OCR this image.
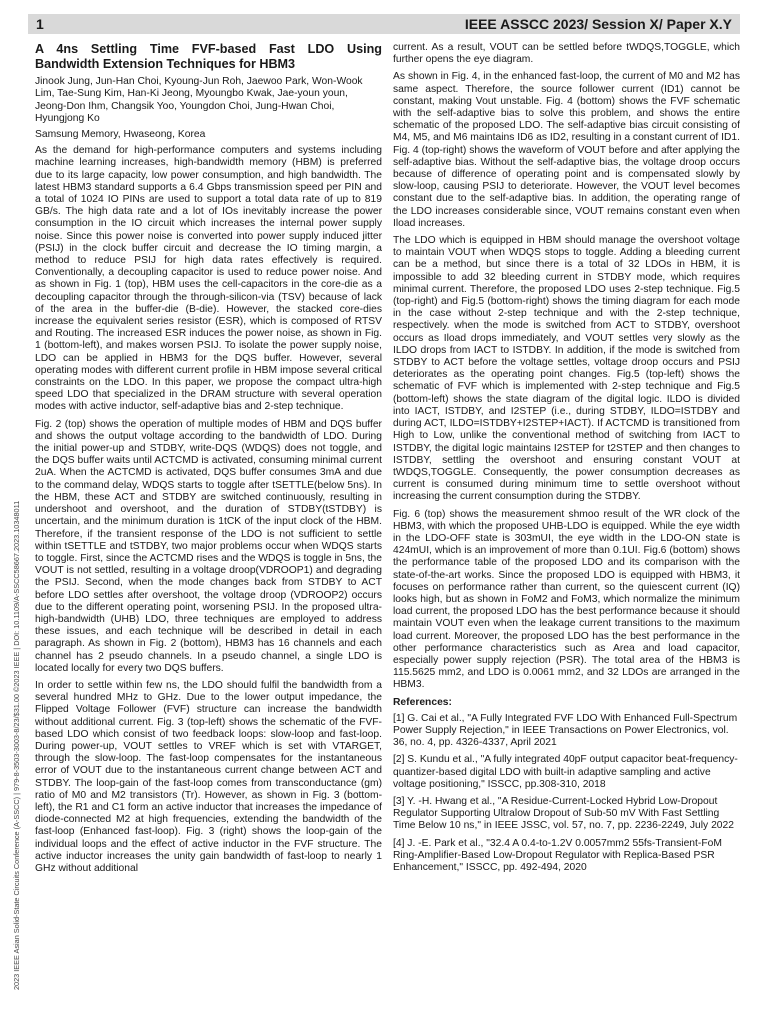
1	IEEE ASSCC 2023/ Session X/ Paper X.Y
2023 IEEE Asian Solid-State Circuits Conference (A-SSCC) | 979-8-3503-3003-8/23/$31.00 ©2023 IEEE | DOI: 10.1109/A-SSCC58667.2023.10348011

A 4ns Settling Time FVF-based Fast LDO Using Bandwidth Extension Techniques for HBM3

Jinook Jung, Jun-Han Choi, Kyoung-Jun Roh, Jaewoo Park, Won-Wook Lim, Tae-Sung Kim, Han-Ki Jeong, Myoungbo Kwak, Jae-youn youn, Jeong-Don Ihm, Changsik Yoo, Youngdon Choi, Jung-Hwan Choi, Hyungjong Ko

Samsung Memory, Hwaseong, Korea

As the demand for high-performance computers and systems including machine learning increases, high-bandwidth memory (HBM) is preferred due to its large capacity, low power consumption, and high bandwidth. The latest HBM3 standard supports a 6.4 Gbps transmission speed per PIN and a total of 1024 IO PINs are used to support a total data rate of up to 819 GB/s. The high data rate and a lot of IOs inevitably increase the power consumption in the IO circuit which increases the internal power supply noise. Since this power noise is converted into power supply induced jitter (PSIJ) in the clock buffer circuit and decrease the IO timing margin, a method to reduce PSIJ for high data rates effectively is required. Conventionally, a decoupling capacitor is used to reduce power noise. And as shown in Fig. 1 (top), HBM uses the cell-capacitors in the core-die as a decoupling capacitor through the through-silicon-via (TSV) because of lack of the area in the buffer-die (B-die). However, the stacked core-dies increase the equivalent series resistor (ESR), which is composed of RTSV and Routing. The increased ESR induces the power noise, as shown in Fig. 1 (bottom-left), and makes worsen PSIJ. To isolate the power supply noise, LDO can be applied in HBM3 for the DQS buffer. However, several operating modes with different current profile in HBM impose several critical constraints on the LDO. In this paper, we propose the compact ultra-high speed LDO that specialized in the DRAM structure with several operation modes with active inductor, self-adaptive bias and 2-step technique.

Fig. 2 (top) shows the operation of multiple modes of HBM and DQS buffer and shows the output voltage according to the bandwidth of LDO. During the initial power-up and STDBY, write-DQS (WDQS) does not toggle, and the DQS buffer waits until ACTCMD is activated, consuming minimal current 2uA. When the ACTCMD is activated, DQS buffer consumes 3mA and due to the command delay, WDQS starts to toggle after tSETTLE(below 5ns). In the HBM, these ACT and STDBY are switched continuously, resulting in undershoot and overshoot, and the duration of STDBY(tSTDBY) is uncertain, and the minimum duration is 1tCK of the input clock of the HBM. Therefore, if the transient response of the LDO is not sufficient to settle within tSETTLE and tSTDBY, two major problems occur when WDQS starts to toggle. First, since the ACTCMD rises and the WDQS is toggle in 5ns, the VOUT is not settled, resulting in a voltage droop(VDROOP1) and degrading the PSIJ. Second, when the mode changes back from STDBY to ACT before LDO settles after overshoot, the voltage droop (VDROOP2) occurs due to the different operating point, worsening PSIJ. In the proposed ultra-high-bandwidth (UHB) LDO, three techniques are employed to address these issues, and each technique will be described in detail in each paragraph. As shown in Fig. 2 (bottom), HBM3 has 16 channels and each channel has 2 pseudo channels. In a pseudo channel, a single LDO is located locally for every two DQS buffers.

In order to settle within few ns, the LDO should fulfil the bandwidth from a several hundred MHz to GHz. Due to the lower output impedance, the Flipped Voltage Follower (FVF) structure can increase the bandwidth without additional current. Fig. 3 (top-left) shows the schematic of the FVF-based LDO which consist of two feedback loops: slow-loop and fast-loop. During power-up, VOUT settles to VREF which is set with VTARGET, through the slow-loop. The fast-loop compensates for the instantaneous error of VOUT due to the instantaneous current change between ACT and STDBY. The loop-gain of the fast-loop comes from transconductance (gm) ratio of M0 and M2 transistors (Tr). However, as shown in Fig. 3 (bottom-left), the R1 and C1 form an active inductor that increases the impedance of diode-connected M2 at high frequencies, extending the bandwidth of the fast-loop (Enhanced fast-loop). Fig. 3 (right) shows the loop-gain of the individual loops and the effect of active inductor in the FVF structure. The active inductor increases the unity gain bandwidth of fast-loop to nearly 1 GHz without additional

current. As a result, VOUT can be settled before tWDQS,TOGGLE, which further opens the eye diagram.

As shown in Fig. 4, in the enhanced fast-loop, the current of M0 and M2 has same aspect. Therefore, the source follower current (ID1) cannot be constant, making Vout unstable. Fig. 4 (bottom) shows the FVF schematic with the self-adaptive bias to solve this problem, and shows the entire schematic of the proposed LDO. The self-adaptive bias circuit consisting of M4, M5, and M6 maintains ID6 as ID2, resulting in a constant current of ID1. Fig. 4 (top-right) shows the waveform of VOUT before and after applying the self-adaptive bias. Without the self-adaptive bias, the voltage droop occurs because of difference of operating point and is compensated slowly by slow-loop, causing PSIJ to deteriorate. However, the VOUT level becomes constant due to the self-adaptive bias. In addition, the operating range of the LDO increases considerable since, VOUT remains constant even when Iload increases.

The LDO which is equipped in HBM should manage the overshoot voltage to maintain VOUT when WDQS stops to toggle. Adding a bleeding current can be a method, but since there is a total of 32 LDOs in HBM, it is impossible to add 32 bleeding current in STDBY mode, which requires minimal current. Therefore, the proposed LDO uses 2-step technique. Fig.5 (top-right) and Fig.5 (bottom-right) shows the timing diagram for each mode in the case without 2-step technique and with the 2-step technique, respectively. when the mode is switched from ACT to STDBY, overshoot occurs as Iload drops immediately, and VOUT settles very slowly as the ILDO drops from IACT to ISTDBY. In addition, if the mode is switched from STDBY to ACT before the voltage settles, voltage droop occurs and PSIJ deteriorates as the operating point changes. Fig.5 (top-left) shows the schematic of FVF which is implemented with 2-step technique and Fig.5 (bottom-left) shows the state diagram of the digital logic. ILDO is divided into IACT, ISTDBY, and I2STEP (i.e., during STDBY, ILDO=ISTDBY and during ACT, ILDO=ISTDBY+I2STEP+IACT). If ACTCMD is transitioned from High to Low, unlike the conventional method of switching from IACT to ISTDBY, the digital logic maintains I2STEP for t2STEP and then changes to ISTDBY, settling the overshoot and ensuring constant VOUT at tWDQS,TOGGLE. Consequently, the power consumption decreases as current is consumed during minimum time to settle overshoot without increasing the current consumption during the STDBY.

Fig. 6 (top) shows the measurement shmoo result of the WR clock of the HBM3, with which the proposed UHB-LDO is equipped. While the eye width in the LDO-OFF state is 303mUI, the eye width in the LDO-ON state is 424mUI, which is an improvement of more than 0.1UI. Fig.6 (bottom) shows the performance table of the proposed LDO and its comparison with the state-of-the-art works. Since the proposed LDO is equipped with HBM3, it focuses on performance rather than current, so the quiescent current (IQ) looks high, but as shown in FoM2 and FoM3, which normalize the minimum load current, the proposed LDO has the best performance because it should maintain VOUT even when the leakage current transitions to the maximum load current. Moreover, the proposed LDO has the best performance in the other performance characteristics such as Area and load capacitor, especially power supply rejection (PSR). The total area of the HBM3 is 115.5625 mm2, and LDO is 0.0061 mm2, and 32 LDOs are arranged in the HBM3.

References:

[1] G. Cai et al., "A Fully Integrated FVF LDO With Enhanced Full-Spectrum Power Supply Rejection," in IEEE Transactions on Power Electronics, vol. 36, no. 4, pp. 4326-4337, April 2021

[2] S. Kundu et al., "A fully integrated 40pF output capacitor beat-frequency-quantizer-based digital LDO with built-in adaptive sampling and active voltage positioning," ISSCC, pp.308-310, 2018

[3] Y. -H. Hwang et al., "A Residue-Current-Locked Hybrid Low-Dropout Regulator Supporting Ultralow Dropout of Sub-50 mV With Fast Settling Time Below 10 ns," in IEEE JSSC, vol. 57, no. 7, pp. 2236-2249, July 2022

[4] J. -E. Park et al., "32.4 A 0.4-to-1.2V 0.0057mm2 55fs-Transient-FoM Ring-Amplifier-Based Low-Dropout Regulator with Replica-Based PSR Enhancement," ISSCC, pp. 492-494, 2020
